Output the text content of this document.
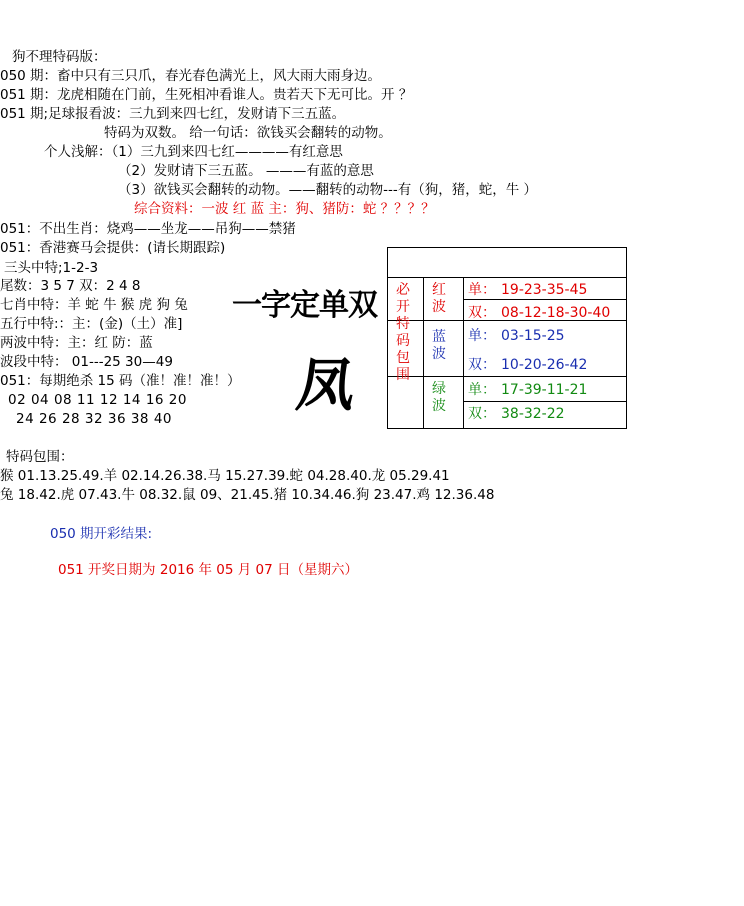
狗不理特码版：
050 期：畜中只有三只爪，春光春色满光上，风大雨大雨身边。
051 期：龙虎相随在门前，生死相冲看谁人。贵若天下无可比。开 ？
051 期;足球报看波：三九到来四七红，发财请下三五蓝。
特码为双数。 给一句话：欲钱买会翻转的动物。
个人浅解：（1）三九到来四七红————有红意思
（2）发财请下三五蓝。 ———有蓝的意思
（3）欲钱买会翻转的动物。——翻转的动物---有（狗，猪，蛇，牛 ）
综合资料：一波 红 蓝 主：狗、猪防：蛇 ？？？？
051：不出生肖：烧鸡——坐龙——吊狗——禁猪
051：香港赛马会提供：(请长期跟踪)
三头中特;1-2-3
尾数：3 5 7 双：2 4 8
七肖中特：羊 蛇 牛 猴 虎 狗 兔
五行中特:：主：(金)（土）准]
两波中特：主：红 防：蓝
波段中特： 01---25 30—49
051：每期绝杀 15 码（准！准！准！）
02 04 08 11 12 14 16 20
24 26 28 32 36 38 40
特码包围：
猴 01.13.25.49.羊 02.14.26.38.马 15.27.39.蛇 04.28.40.龙 05.29.41
兔 18.42.虎 07.43.牛 08.32.鼠 09、21.45.猪 10.34.46.狗 23.47.鸡 12.36.48
050 期开彩结果:
051 开奖日期为 2016 年 05 月 07 日（星期六）
一字定单双
凤
必开特码包围
红波
单： 19-23-35-45
双： 08-12-18-30-40
蓝波
单： 03-15-25
双： 10-20-26-42
绿波
单： 17-39-11-21
双： 38-32-22
